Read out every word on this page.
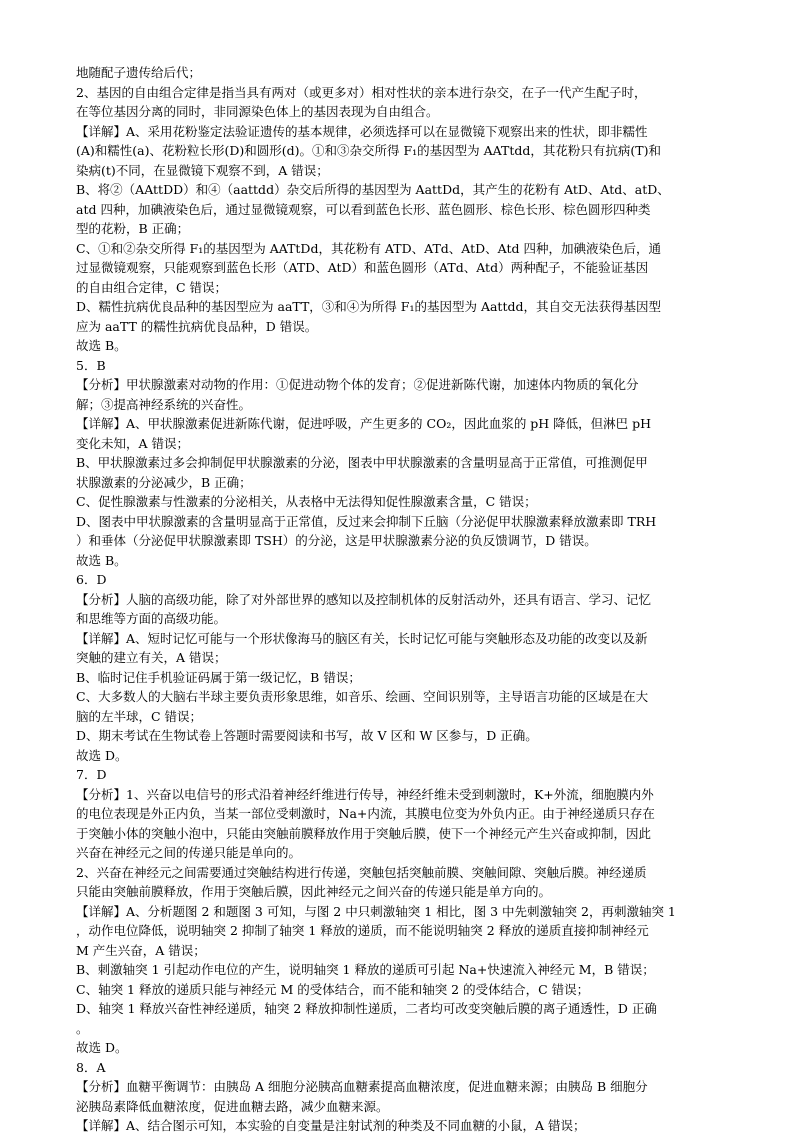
地随配子遗传给后代；
2、基因的自由组合定律是指当具有两对（或更多对）相对性状的亲本进行杂交，在子一代产生配子时，
在等位基因分离的同时，非同源染色体上的基因表现为自由组合。
【详解】A、采用花粉鉴定法验证遗传的基本规律，必须选择可以在显微镜下观察出来的性状，即非糯性
(A)和糯性(a)、花粉粒长形(D)和圆形(d)。①和③杂交所得 F₁的基因型为 AATtdd，其花粉只有抗病(T)和
染病(t)不同，在显微镜下观察不到，A 错误；
B、将②（AAttDD）和④（aattdd）杂交后所得的基因型为 AattDd，其产生的花粉有 AtD、Atd、atD、
atd 四种，加碘液染色后，通过显微镜观察，可以看到蓝色长形、蓝色圆形、棕色长形、棕色圆形四种类
型的花粉，B 正确；
C、①和②杂交所得 F₁的基因型为 AATtDd，其花粉有 ATD、ATd、AtD、Atd 四种，加碘液染色后，通
过显微镜观察，只能观察到蓝色长形（ATD、AtD）和蓝色圆形（ATd、Atd）两种配子，不能验证基因
的自由组合定律，C 错误；
D、糯性抗病优良品种的基因型应为 aaTT，③和④为所得 F₁的基因型为 Aattdd，其自交无法获得基因型
应为 aaTT 的糯性抗病优良品种，D 错误。
故选 B。
5．B
【分析】甲状腺激素对动物的作用：①促进动物个体的发育；②促进新陈代谢，加速体内物质的氧化分
解；③提高神经系统的兴奋性。
【详解】A、甲状腺激素促进新陈代谢，促进呼吸，产生更多的 CO₂，因此血浆的 pH 降低，但淋巴 pH
变化未知，A 错误；
B、甲状腺激素过多会抑制促甲状腺激素的分泌，图表中甲状腺激素的含量明显高于正常值，可推测促甲
状腺激素的分泌减少，B 正确；
C、促性腺激素与性激素的分泌相关，从表格中无法得知促性腺激素含量，C 错误；
D、图表中甲状腺激素的含量明显高于正常值，反过来会抑制下丘脑（分泌促甲状腺激素释放激素即 TRH
）和垂体（分泌促甲状腺激素即 TSH）的分泌，这是甲状腺激素分泌的负反馈调节，D 错误。
故选 B。
6．D
【分析】人脑的高级功能，除了对外部世界的感知以及控制机体的反射活动外，还具有语言、学习、记忆
和思维等方面的高级功能。
【详解】A、短时记忆可能与一个形状像海马的脑区有关，长时记忆可能与突触形态及功能的改变以及新
突触的建立有关，A 错误；
B、临时记住手机验证码属于第一级记忆，B 错误；
C、大多数人的大脑右半球主要负责形象思维，如音乐、绘画、空间识别等，主导语言功能的区域是在大
脑的左半球，C 错误；
D、期末考试在生物试卷上答题时需要阅读和书写，故 V 区和 W 区参与，D 正确。
故选 D。
7．D
【分析】1、兴奋以电信号的形式沿着神经纤维进行传导，神经纤维未受到刺激时，K+外流，细胞膜内外
的电位表现是外正内负，当某一部位受刺激时，Na+内流，其膜电位变为外负内正。由于神经递质只存在
于突触小体的突触小泡中，只能由突触前膜释放作用于突触后膜，使下一个神经元产生兴奋或抑制，因此
兴奋在神经元之间的传递只能是单向的。
2、兴奋在神经元之间需要通过突触结构进行传递，突触包括突触前膜、突触间隙、突触后膜。神经递质
只能由突触前膜释放，作用于突触后膜，因此神经元之间兴奋的传递只能是单方向的。
【详解】A、分析题图 2 和题图 3 可知，与图 2 中只刺激轴突 1 相比，图 3 中先刺激轴突 2，再刺激轴突 1
，动作电位降低，说明轴突 2 抑制了轴突 1 释放的递质，而不能说明轴突 2 释放的递质直接抑制神经元
M 产生兴奋，A 错误；
B、刺激轴突 1 引起动作电位的产生，说明轴突 1 释放的递质可引起 Na+快速流入神经元 M，B 错误；
C、轴突 1 释放的递质只能与神经元 M 的受体结合，而不能和轴突 2 的受体结合，C 错误；
D、轴突 1 释放兴奋性神经递质，轴突 2 释放抑制性递质，二者均可改变突触后膜的离子通透性，D 正确
。
故选 D。
8．A
【分析】血糖平衡调节：由胰岛 A 细胞分泌胰高血糖素提高血糖浓度，促进血糖来源；由胰岛 B 细胞分
泌胰岛素降低血糖浓度，促进血糖去路，减少血糖来源。
【详解】A、结合图示可知，本实验的自变量是注射试剂的种类及不同血糖的小鼠，A 错误；
